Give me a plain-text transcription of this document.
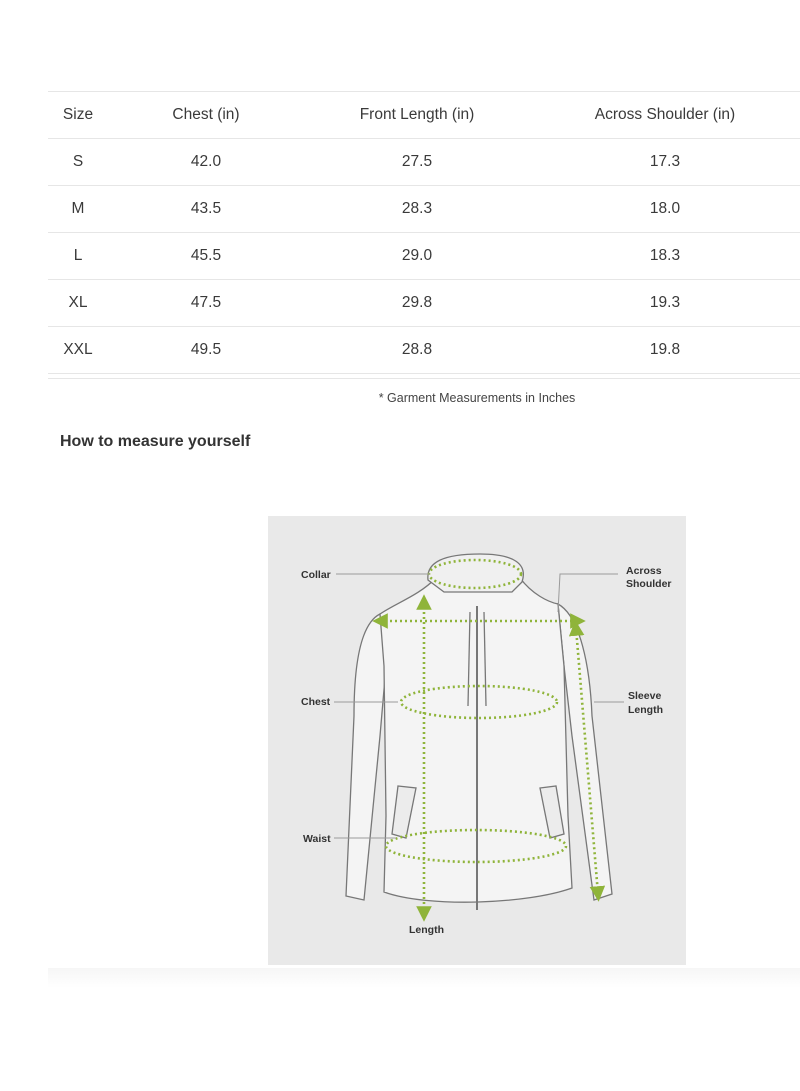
Size	Chest (in)	Front Length (in)	Across Shoulder (in)
S	42.0	27.5	17.3
M	43.5	28.3	18.0
L	45.5	29.0	18.3
XL	47.5	29.8	19.3
XXL	49.5	28.8	19.8
* Garment Measurements in Inches
How to measure yourself
Collar	Across
Shoulder
Chest	Sleeve
Length
Waist
Length
